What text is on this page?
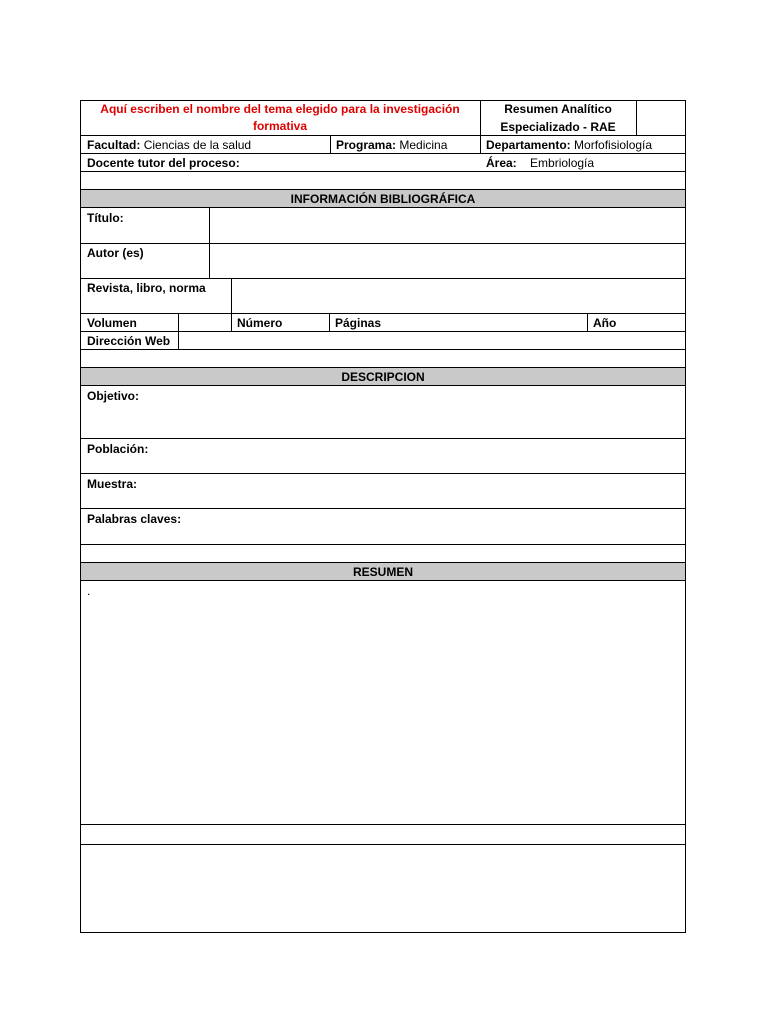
Aquí escriben el nombre del tema elegido para la investigación formativa
Resumen Analítico
Especializado - RAE
Facultad: Ciencias de la salud	Programa: Medicina	Departamento: Morfofisiología
Docente tutor del proceso:	Área: Embriología
INFORMACIÓN BIBLIOGRÁFICA
Título:
Autor (es)
Revista, libro, norma
Volumen	Número	Páginas	Año
Dirección Web
DESCRIPCION
Objetivo:
Población:
Muestra:
Palabras claves:
RESUMEN
.
